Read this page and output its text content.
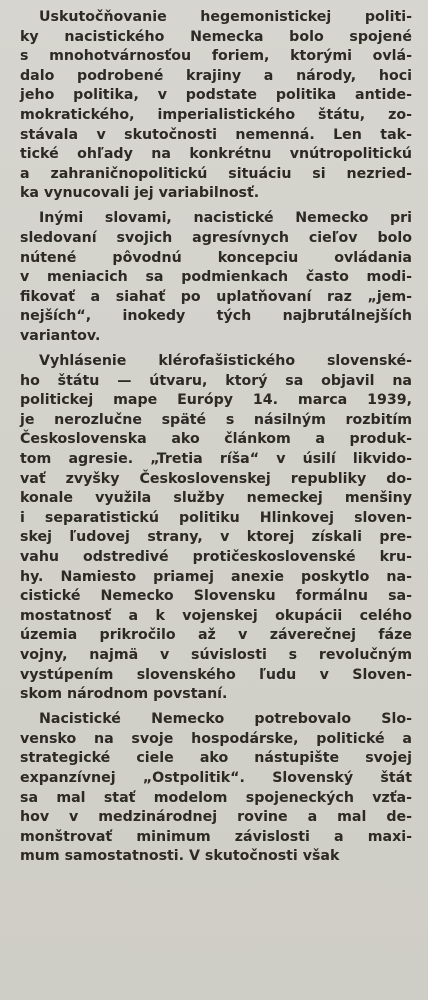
Uskutočňovanie hegemonistickej politi-
ky nacistického Nemecka bolo spojené
s mnohotvárnosťou foriem, ktorými ovlá-
dalo podrobené krajiny a národy, hoci
jeho politika, v podstate politika antide-
mokratického, imperialistického štátu, zo-
stávala v skutočnosti nemenná. Len tak-
tické ohľady na konkrétnu vnútropolitickú
a zahraničnopolitickú situáciu si nezried-
ka vynucovali jej variabilnosť.
Inými slovami, nacistické Nemecko pri
sledovaní svojich agresívnych cieľov bolo
nútené pôvodnú koncepciu ovládania
v meniacich sa podmienkach často modi-
fikovať a siahať po uplatňovaní raz „jem-
nejších“, inokedy tých najbrutálnejších
variantov.
Vyhlásenie klérofašistického slovenské-
ho štátu — útvaru, ktorý sa objavil na
politickej mape Európy 14. marca 1939,
je nerozlučne späté s násilným rozbitím
Československa ako článkom a produk-
tom agresie. „Tretia ríša“ v úsilí likvido-
vať zvyšky Československej republiky do-
konale využila služby nemeckej menšiny
i separatistickú politiku Hlinkovej sloven-
skej ľudovej strany, v ktorej získali pre-
vahu odstredivé protičeskoslovenské kru-
hy. Namiesto priamej anexie poskytlo na-
cistické Nemecko Slovensku formálnu sa-
mostatnosť a k vojenskej okupácii celého
územia prikročilo až v záverečnej fáze
vojny, najmä v súvislosti s revolučným
vystúpením slovenského ľudu v Sloven-
skom národnom povstaní.
Nacistické Nemecko potrebovalo Slo-
vensko na svoje hospodárske, politické a
strategické ciele ako nástupište svojej
expanzívnej „Ostpolitik“. Slovenský štát
sa mal stať modelom spojeneckých vzťa-
hov v medzinárodnej rovine a mal de-
monštrovať minimum závislosti a maxi-
mum samostatnosti. V skutočnosti však
